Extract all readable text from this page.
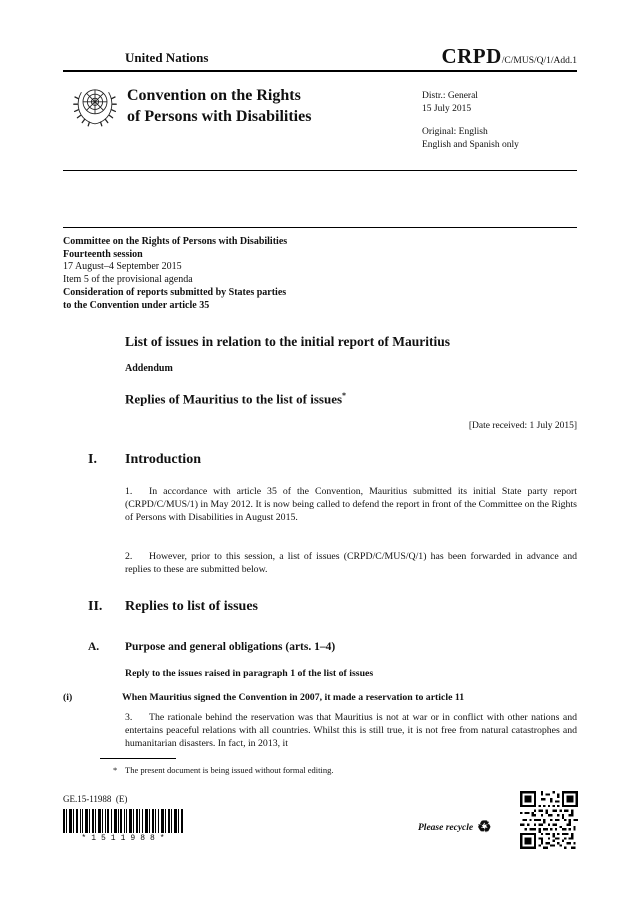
United Nations	CRPD /C/MUS/Q/1/Add.1
Convention on the Rights
of Persons with Disabilities
Distr.: General
15 July 2015
Original: English
English and Spanish only
Committee on the Rights of Persons with Disabilities
Fourteenth session
17 August–4 September 2015
Item 5 of the provisional agenda
Consideration of reports submitted by States parties
to the Convention under article 35
List of issues in relation to the initial report of Mauritius
Addendum
Replies of Mauritius to the list of issues*
[Date received: 1 July 2015]
I.	Introduction

1. In accordance with article 35 of the Convention, Mauritius submitted its initial State party report (CRPD/C/MUS/1) in May 2012. It is now being called to defend the report in front of the Committee on the Rights of Persons with Disabilities in August 2015.

2. However, prior to this session, a list of issues (CRPD/C/MUS/Q/1) has been forwarded in advance and replies to these are submitted below.

II.	Replies to list of issues
A.	Purpose and general obligations (arts. 1–4)
Reply to the issues raised in paragraph 1 of the list of issues
(i)	When Mauritius signed the Convention in 2007, it made a reservation to article 11

3. The rationale behind the reservation was that Mauritius is not at war or in conflict with other nations and entertains peaceful relations with all countries. Whilst this is still true, it is not free from natural catastrophes and humanitarian disasters. In fact, in 2013, it

* The present document is being issued without formal editing.
GE.15-11988  (E)
*1511988*
Please recycle ♻
